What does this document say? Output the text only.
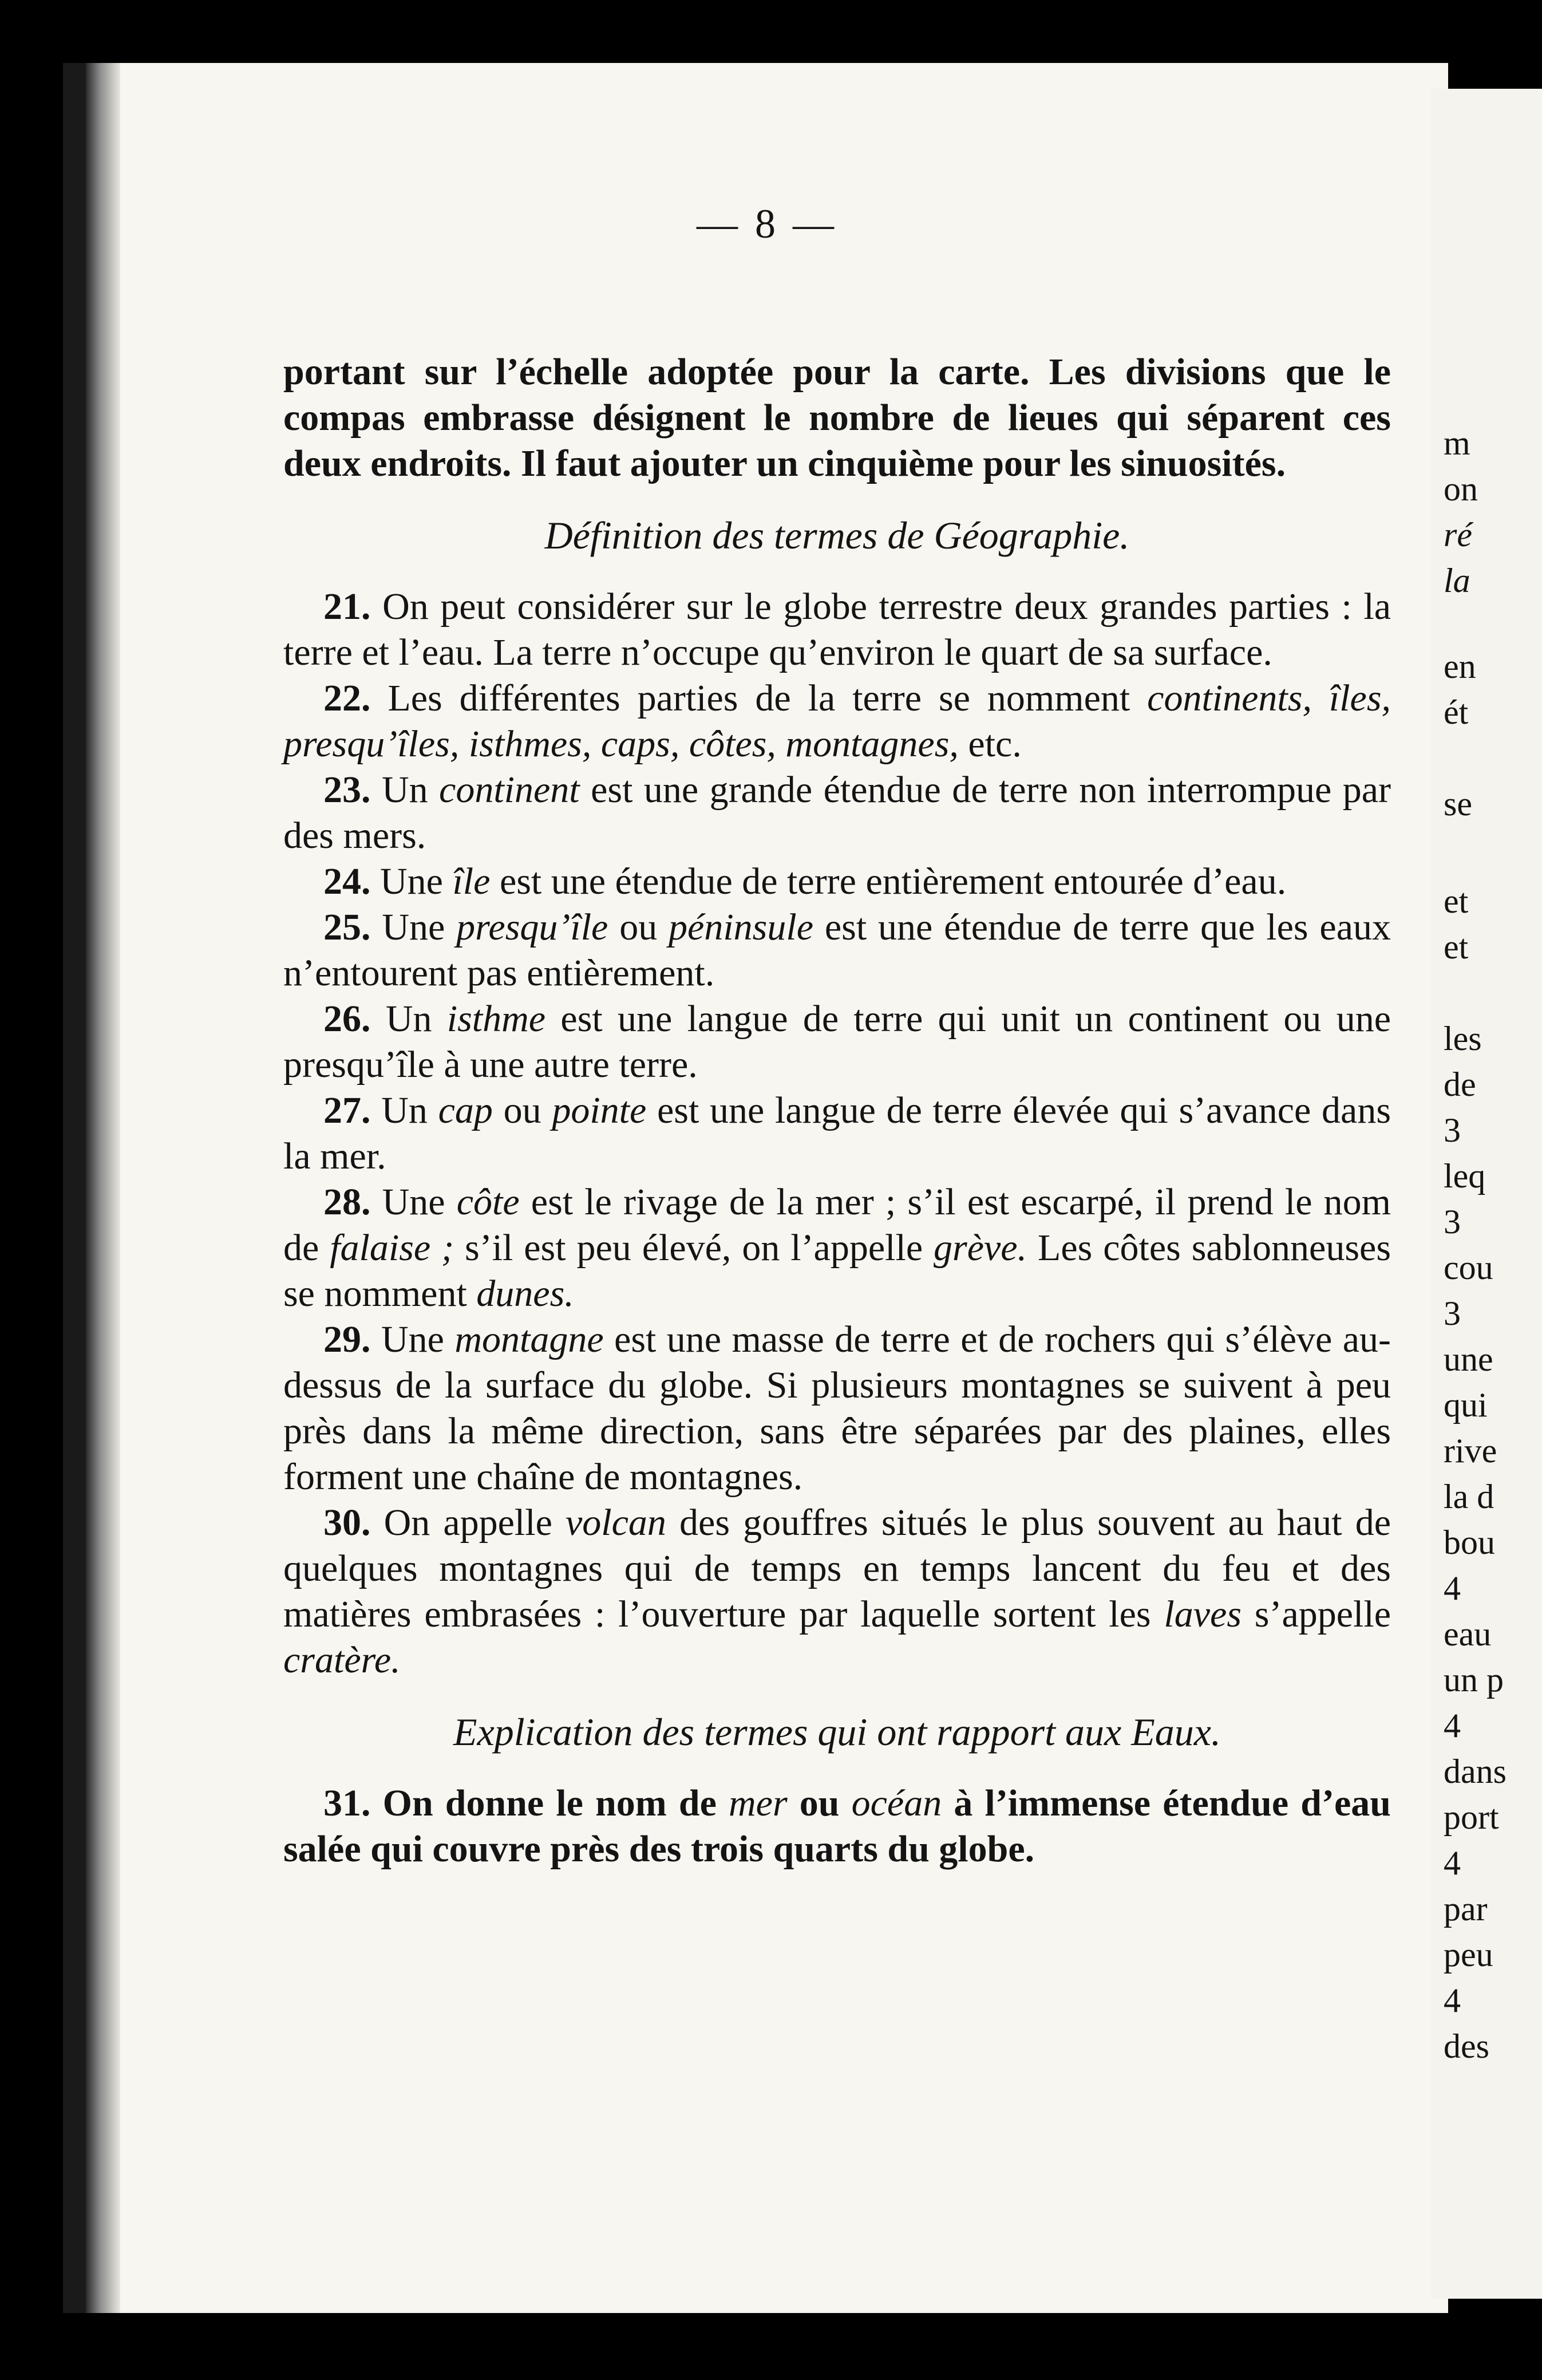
— 8 —

portant sur l’échelle adoptée pour la carte. Les divisions que le compas embrasse désignent le nombre de lieues qui séparent ces deux endroits. Il faut ajouter un cinquième pour les sinuosités.

Définition des termes de Géographie.

21. On peut considérer sur le globe terrestre deux grandes parties : la terre et l’eau. La terre n’occupe qu’environ le quart de sa surface.

22. Les différentes parties de la terre se nomment continents, îles, presqu’îles, isthmes, caps, côtes, montagnes, etc.

23. Un continent est une grande étendue de terre non interrompue par des mers.

24. Une île est une étendue de terre entièrement entourée d’eau.

25. Une presqu’île ou péninsule est une étendue de terre que les eaux n’entourent pas entièrement.

26. Un isthme est une langue de terre qui unit un continent ou une presqu’île à une autre terre.

27. Un cap ou pointe est une langue de terre élevée qui s’avance dans la mer.

28. Une côte est le rivage de la mer ; s’il est escarpé, il prend le nom de falaise ; s’il est peu élevé, on l’appelle grève. Les côtes sablonneuses se nomment dunes.

29. Une montagne est une masse de terre et de rochers qui s’élève au-dessus de la surface du globe. Si plusieurs montagnes se suivent à peu près dans la même direction, sans être séparées par des plaines, elles forment une chaîne de montagnes.

30. On appelle volcan des gouffres situés le plus souvent au haut de quelques montagnes qui de temps en temps lancent du feu et des matières embrasées : l’ouverture par laquelle sortent les laves s’appelle cratère.

Explication des termes qui ont rapport aux Eaux.

31. On donne le nom de mer ou océan à l’immense étendue d’eau salée qui couvre près des trois quarts du globe.

m
on
ré
la
en
ét
se
et
et
les
de
3
leq
3
cou
3
une
qui
rive
la d
bou
4
eau
un p
4
dans
port
4
par
peu
4
des
